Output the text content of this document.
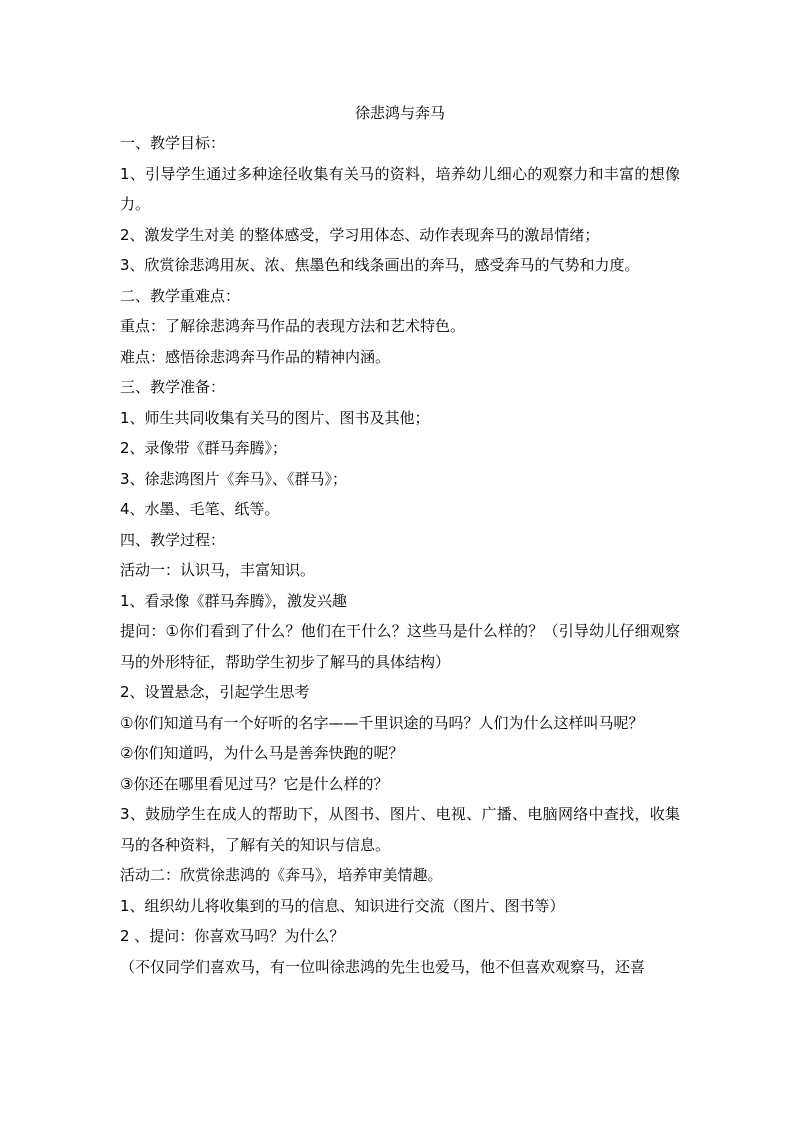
徐悲鸿与奔马

一、教学目标：

1、引导学生通过多种途径收集有关马的资料，培养幼儿细心的观察力和丰富的想像力。

2、激发学生对美 的整体感受，学习用体态、动作表现奔马的激昂情绪；

3、欣赏徐悲鸿用灰、浓、焦墨色和线条画出的奔马，感受奔马的气势和力度。

二、教学重难点：

重点：了解徐悲鸿奔马作品的表现方法和艺术特色。

难点：感悟徐悲鸿奔马作品的精神内涵。

三、教学准备：

1、师生共同收集有关马的图片、图书及其他；

2、录像带《群马奔腾》；

3、徐悲鸿图片《奔马》、《群马》；

4、水墨、毛笔、纸等。

四、教学过程：

活动一：认识马，丰富知识。

1、看录像《群马奔腾》，激发兴趣

提问：①你们看到了什么？他们在干什么？这些马是什么样的？（引导幼儿仔细观察马的外形特征，帮助学生初步了解马的具体结构）

2、设置悬念，引起学生思考

①你们知道马有一个好听的名字——千里识途的马吗？人们为什么这样叫马呢？

②你们知道吗，为什么马是善奔快跑的呢？

③你还在哪里看见过马？它是什么样的？

3、鼓励学生在成人的帮助下，从图书、图片、电视、广播、电脑网络中查找，收集马的各种资料，了解有关的知识与信息。

活动二：欣赏徐悲鸿的《奔马》，培养审美情趣。

1、组织幼儿将收集到的马的信息、知识进行交流（图片、图书等）

2 、提问：你喜欢马吗？为什么？

（不仅同学们喜欢马，有一位叫徐悲鸿的先生也爱马，他不但喜欢观察马，还喜
